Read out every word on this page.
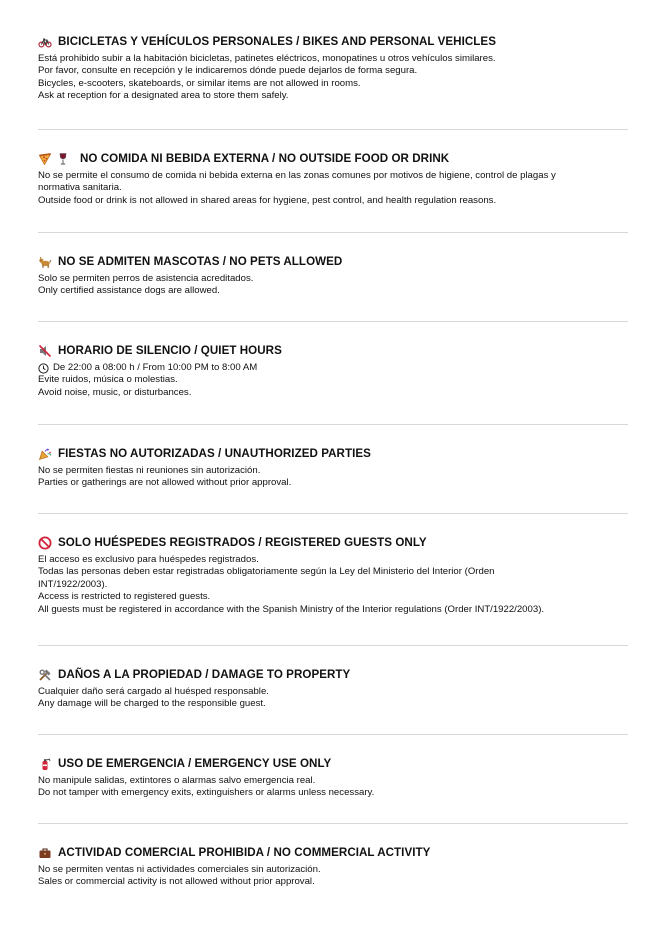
BICICLETAS Y VEHÍCULOS PERSONALES / BIKES AND PERSONAL VEHICLES
Está prohibido subir a la habitación bicicletas, patinetes eléctricos, monopatines u otros vehículos similares.
Por favor, consulte en recepción y le indicaremos dónde puede dejarlos de forma segura.
Bicycles, e-scooters, skateboards, or similar items are not allowed in rooms.
Ask at reception for a designated area to store them safely.
NO COMIDA NI BEBIDA EXTERNA / NO OUTSIDE FOOD OR DRINK
No se permite el consumo de comida ni bebida externa en las zonas comunes por motivos de higiene, control de plagas y
normativa sanitaria.
Outside food or drink is not allowed in shared areas for hygiene, pest control, and health regulation reasons.
NO SE ADMITEN MASCOTAS / NO PETS ALLOWED
Solo se permiten perros de asistencia acreditados.
Only certified assistance dogs are allowed.
HORARIO DE SILENCIO / QUIET HOURS
De 22:00 a 08:00 h / From 10:00 PM to 8:00 AM
Evite ruidos, música o molestias.
Avoid noise, music, or disturbances.
FIESTAS NO AUTORIZADAS / UNAUTHORIZED PARTIES
No se permiten fiestas ni reuniones sin autorización.
Parties or gatherings are not allowed without prior approval.
SOLO HUÉSPEDES REGISTRADOS / REGISTERED GUESTS ONLY
El acceso es exclusivo para huéspedes registrados.
Todas las personas deben estar registradas obligatoriamente según la Ley del Ministerio del Interior (Orden
INT/1922/2003).
Access is restricted to registered guests.
All guests must be registered in accordance with the Spanish Ministry of the Interior regulations (Order INT/1922/2003).
DAÑOS A LA PROPIEDAD / DAMAGE TO PROPERTY
Cualquier daño será cargado al huésped responsable.
Any damage will be charged to the responsible guest.
USO DE EMERGENCIA / EMERGENCY USE ONLY
No manipule salidas, extintores o alarmas salvo emergencia real.
Do not tamper with emergency exits, extinguishers or alarms unless necessary.
ACTIVIDAD COMERCIAL PROHIBIDA / NO COMMERCIAL ACTIVITY
No se permiten ventas ni actividades comerciales sin autorización.
Sales or commercial activity is not allowed without prior approval.
